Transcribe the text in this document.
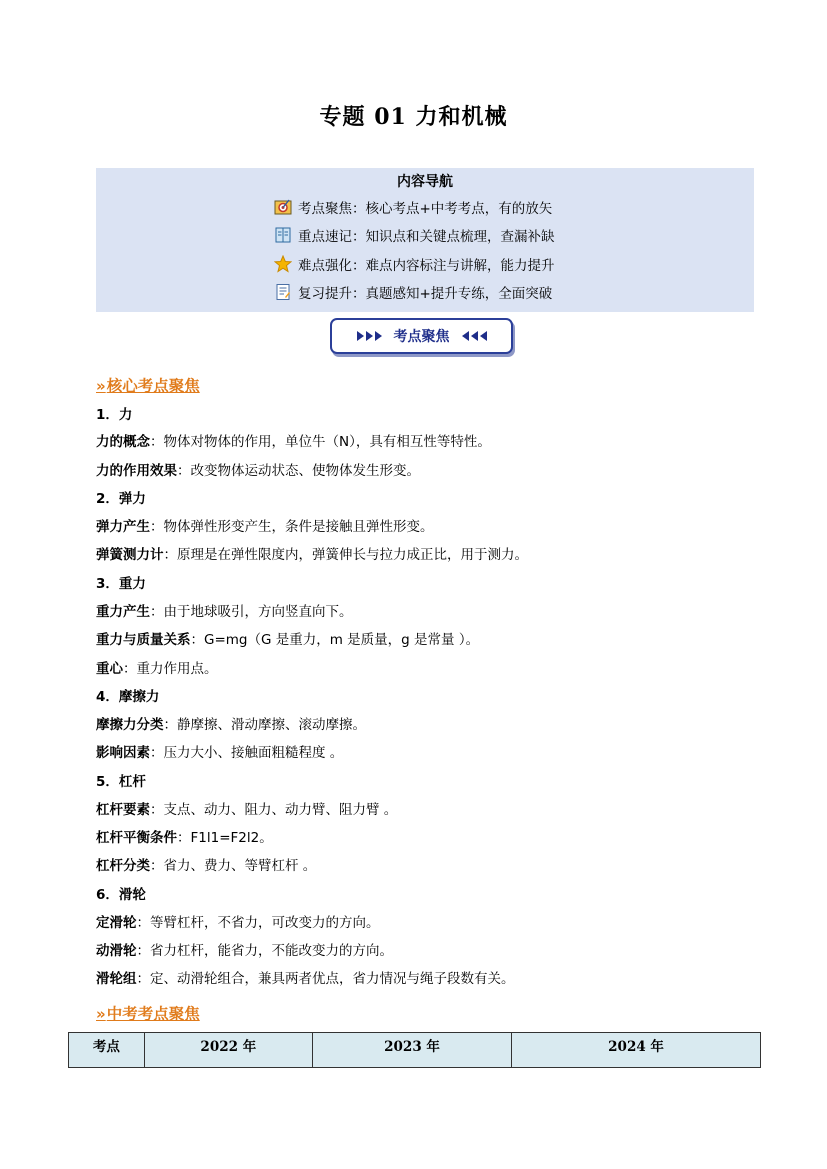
专题 01 力和机械
内容导航
考点聚焦：核心考点+中考考点，有的放矢
重点速记：知识点和关键点梳理，查漏补缺
难点强化：难点内容标注与讲解，能力提升
复习提升：真题感知+提升专练，全面突破
考点聚焦
»核心考点聚焦
1．力
力的概念：物体对物体的作用，单位牛（N），具有相互性等特性。
力的作用效果：改变物体运动状态、使物体发生形变。
2．弹力
弹力产生：物体弹性形变产生，条件是接触且弹性形变。
弹簧测力计：原理是在弹性限度内，弹簧伸长与拉力成正比，用于测力。
3．重力
重力产生：由于地球吸引，方向竖直向下。
重力与质量关系：G=mg（G 是重力，m 是质量，g 是常量 ）。
重心：重力作用点。
4．摩擦力
摩擦力分类：静摩擦、滑动摩擦、滚动摩擦。
影响因素：压力大小、接触面粗糙程度 。
5．杠杆
杠杆要素：支点、动力、阻力、动力臂、阻力臂 。
杠杆平衡条件：F1l1=F2l2。
杠杆分类：省力、费力、等臂杠杆 。
6．滑轮
定滑轮：等臂杠杆，不省力，可改变力的方向。
动滑轮：省力杠杆，能省力，不能改变力的方向。
滑轮组：定、动滑轮组合，兼具两者优点，省力情况与绳子段数有关。
»中考考点聚焦
考点	2022 年	2023 年	2024 年
